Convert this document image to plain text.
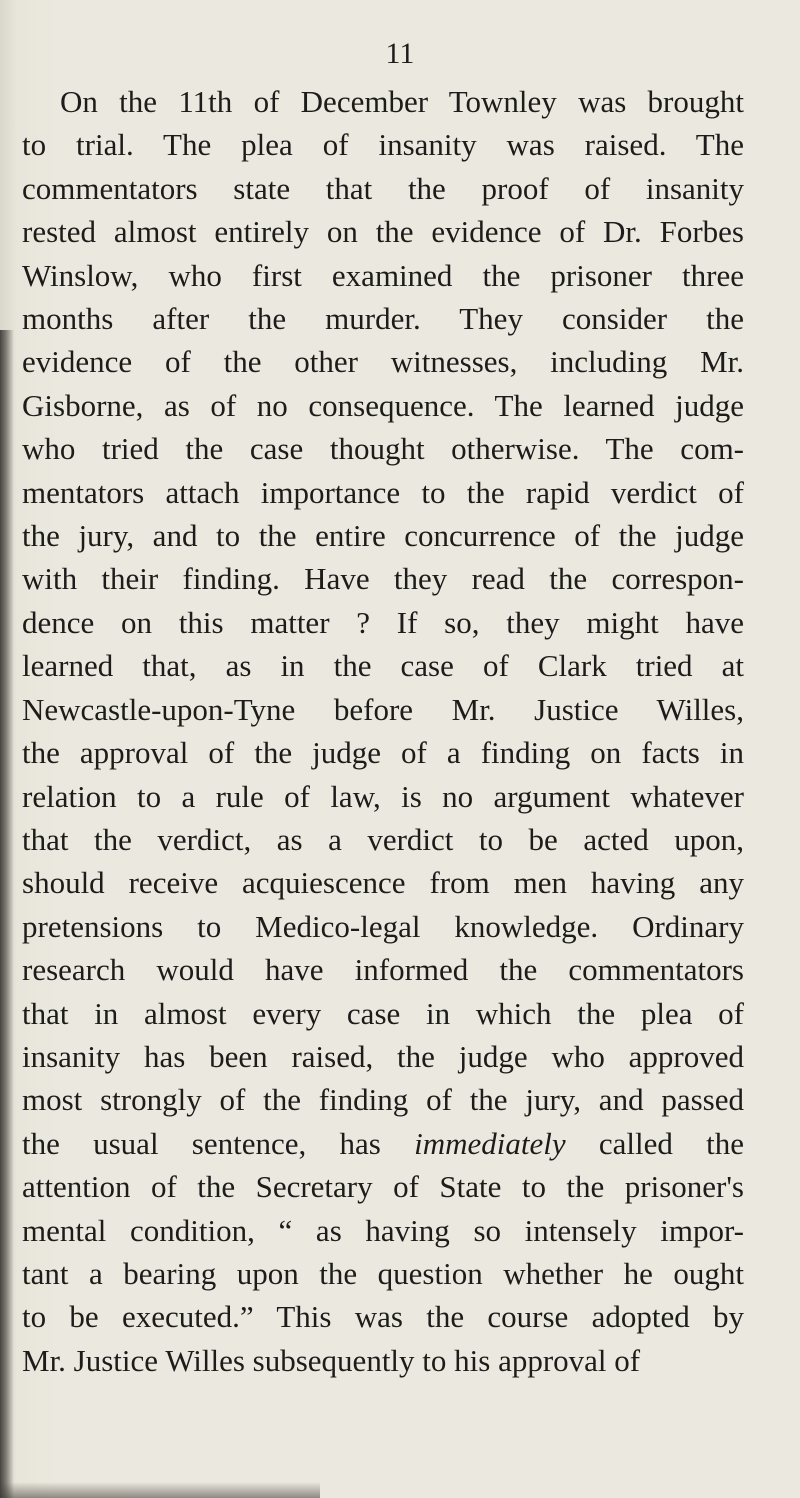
11
On the 11th of December Townley was brought
to trial. The plea of insanity was raised. The
commentators state that the proof of insanity
rested almost entirely on the evidence of Dr. Forbes
Winslow, who first examined the prisoner three
months after the murder. They consider the
evidence of the other witnesses, including Mr.
Gisborne, as of no consequence. The learned judge
who tried the case thought otherwise. The com-
mentators attach importance to the rapid verdict of
the jury, and to the entire concurrence of the judge
with their finding. Have they read the correspon-
dence on this matter ? If so, they might have
learned that, as in the case of Clark tried at
Newcastle-upon-Tyne before Mr. Justice Willes,
the approval of the judge of a finding on facts in
relation to a rule of law, is no argument whatever
that the verdict, as a verdict to be acted upon,
should receive acquiescence from men having any
pretensions to Medico-legal knowledge. Ordinary
research would have informed the commentators
that in almost every case in which the plea of
insanity has been raised, the judge who approved
most strongly of the finding of the jury, and passed
the usual sentence, has immediately called the
attention of the Secretary of State to the prisoner's
mental condition, “ as having so intensely impor-
tant a bearing upon the question whether he ought
to be executed.” This was the course adopted by
Mr. Justice Willes subsequently to his approval of
